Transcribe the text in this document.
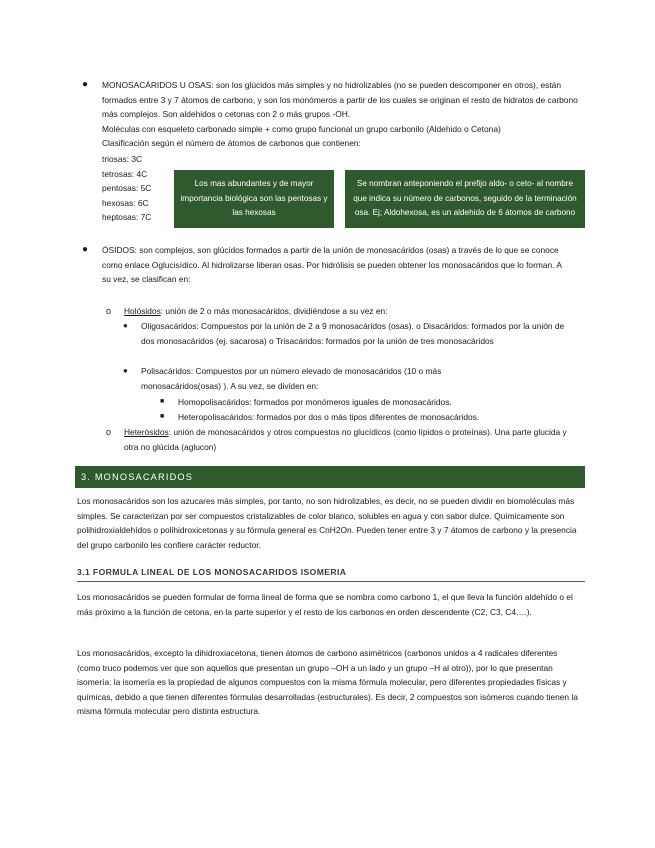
● MONOSACÁRIDOS U OSAS: son los glúcidos más simples y no hidrolizables (no se pueden descomponer en otros), están formados entre 3 y 7 átomos de carbono, y son los monómeros a partir de los cuales se originan el resto de hidratos de carbono más complejos. Son aldehidos o cetonas con 2 o más grupos -OH.

Moléculas con esqueleto carbonado simple + como grupo funcional un grupo carbonilo (Aldehido o Cetona)

Clasificación según el número de átomos de carbonos que contienen:

triosas: 3C

tetrosas: 4C

pentosas: 5C

hexosas: 6C

heptosas: 7C

Los mas abundantes y de mayor importancia biológica son las pentosas y las hexosas
Se nombran anteponiendo el prefijo aldo- o ceto- al nombre que indica su número de carbonos, seguido de la terminación osa. Ej; Aldohexosa, es un aldehido de 6 átomos de carbono
● ÓSIDOS: son complejos, son glúcidos formados a partir de la unión de monosacáridos (osas) a través de lo que se conoce como enlace Oglucisídico. Al hidrolizarse liberan osas. Por hidrólisis se pueden obtener los monosacáridos que lo forman. A su vez, se clasifican en:

o Holósidos: unión de 2 o más monosacáridos, dividiéndose a su vez en:

● Oligosacáridos: Compuestos por la unión de 2 a 9 monosacáridos (osas). o Disacáridos: formados por la unión de dos monosacáridos (ej. sacarosa) o Trisacáridos: formados por la unión de tres monosacáridos

● Polisacáridos: Compuestos por un número elevado de monosacáridos (10 o más monosacáridos(osas) ). A su vez, se dividen en:

■ Homopolisacáridos: formados por monómeros iguales de monosacáridos.
■ Heteropolisacáridos: formados por dos o más tipos diferentes de monosacáridos.
o Heterósidos: unión de monosacáridos y otros compuestos no glucídicos (como lípidos o proteínas). Una parte glucida y otra no glúcida (aglucon)

3. MONOSACARIDOS
Los monosacáridos son los azucares más simples, por tanto, no son hidrolizables, es decir, no se pueden dividir en biomoléculas más simples. Se caracterizan por ser compuestos cristalizables de color blanco, solubles en agua y con sabor dulce. Químicamente son polihidroxialdehídos o polihidroxicetonas y su fórmula general es CnH2On. Pueden tener entre 3 y 7 átomos de carbono y la presencia del grupo carbonilo les confiere carácter reductor.
3.1 FORMULA LINEAL DE LOS MONOSACARIDOS ISOMERIA
Los monosacáridos se pueden formular de forma lineal de forma que se nombra como carbono 1, el que lleva la función aldehído o el más próximo a la función de cetona, en la parte superior y el resto de los carbonos en orden descendente (C2, C3, C4….).
Los monosacáridos, excepto la dihidroxiacetona, tienen átomos de carbono asimétricos (carbonos unidos a 4 radicales diferentes (como truco podemos ver que son aquellos que presentan un grupo –OH a un lado y un grupo –H al otro)), por lo que presentan isomería: la isomería es la propiedad de algunos compuestos con la misma fórmula molecular, pero diferentes propiedades físicas y químicas, debido a que tienen diferentes fórmulas desarrolladas (estructurales). Es decir, 2 compuestos son isómeros cuando tienen la misma fórmula molecular pero distinta estructura.
